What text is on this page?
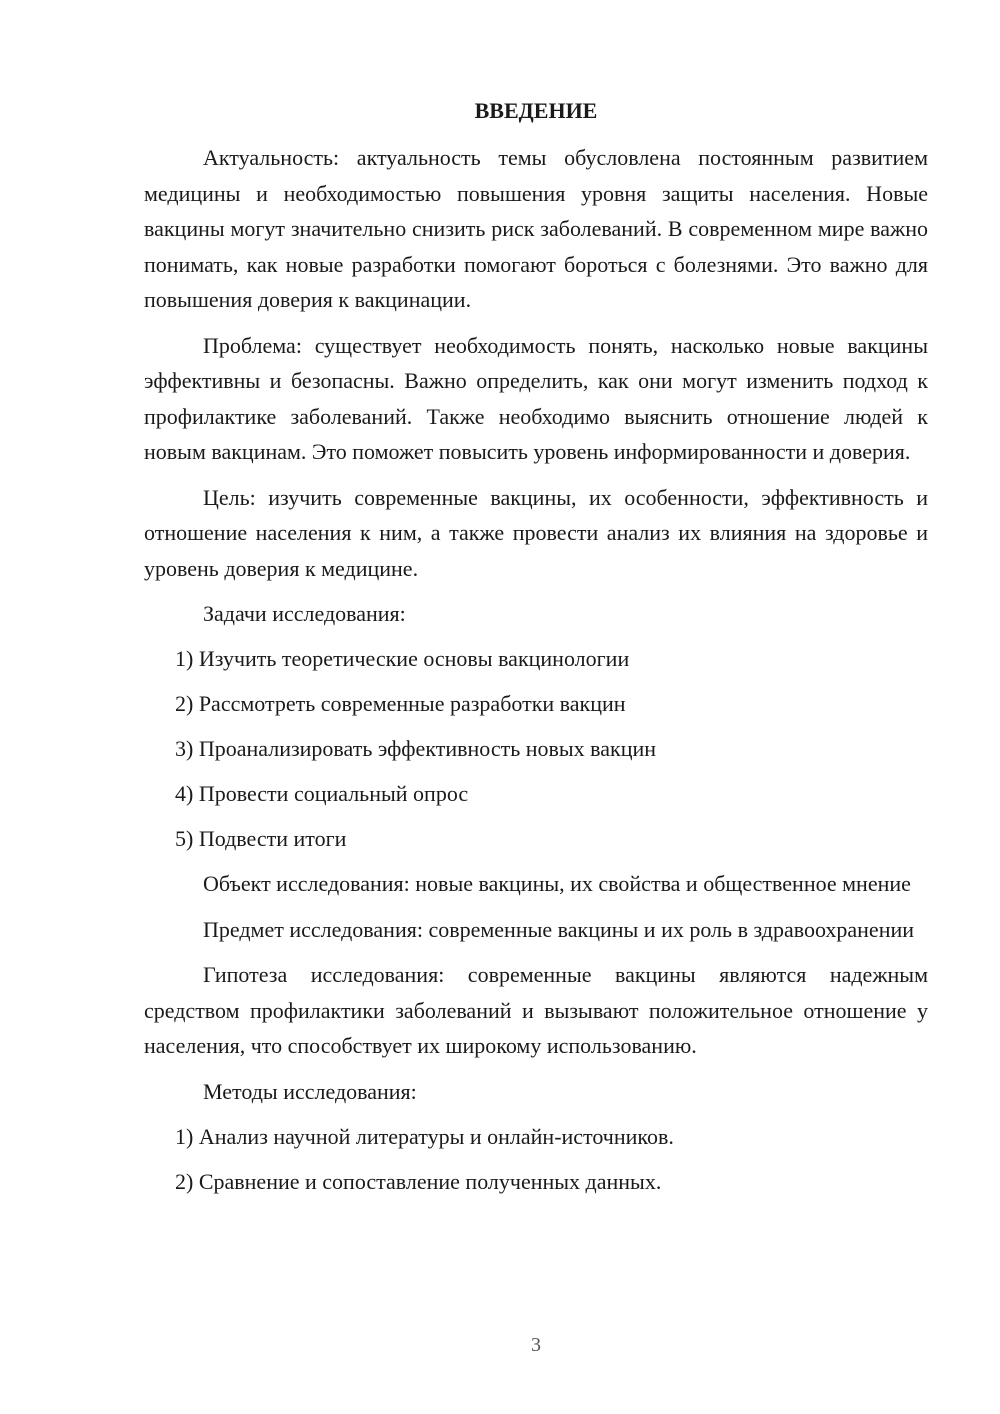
ВВЕДЕНИЕ

Актуальность: актуальность темы обусловлена постоянным развитием медицины и необходимостью повышения уровня защиты населения. Новые вакцины могут значительно снизить риск заболеваний. В современном мире важно понимать, как новые разработки помогают бороться с болезнями. Это важно для повышения доверия к вакцинации.

Проблема: существует необходимость понять, насколько новые вакцины эффективны и безопасны. Важно определить, как они могут изменить подход к профилактике заболеваний. Также необходимо выяснить отношение людей к новым вакцинам. Это поможет повысить уровень информированности и доверия.

Цель: изучить современные вакцины, их особенности, эффективность и отношение населения к ним, а также провести анализ их влияния на здоровье и уровень доверия к медицине.

Задачи исследования:
1) Изучить теоретические основы вакцинологии
2) Рассмотреть современные разработки вакцин
3) Проанализировать эффективность новых вакцин
4) Провести социальный опрос
5) Подвести итоги

Объект исследования: новые вакцины, их свойства и общественное мнение

Предмет исследования: современные вакцины и их роль в здравоохранении

Гипотеза исследования: современные вакцины являются надежным средством профилактики заболеваний и вызывают положительное отношение у населения, что способствует их широкому использованию.

Методы исследования:
1) Анализ научной литературы и онлайн-источников.
2) Сравнение и сопоставление полученных данных.
3
